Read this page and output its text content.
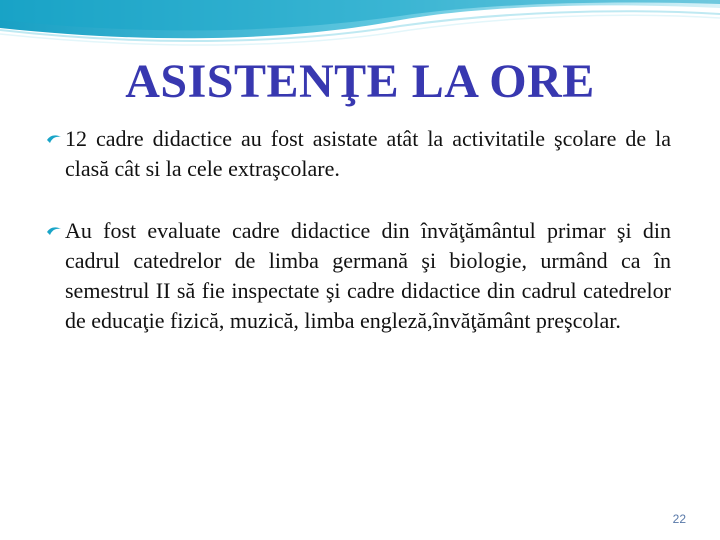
ASISTENŢE LA ORE
12 cadre didactice au fost asistate atât la activitatile şcolare de la clasă cât si la cele extraşcolare.
Au fost evaluate cadre didactice din învăţământul primar şi din cadrul catedrelor de limba germană şi biologie, urmând ca în semestrul II să fie inspectate şi cadre didactice din cadrul catedrelor de educaţie fizică, muzică, limba engleză,învăţământ preşcolar.
22
